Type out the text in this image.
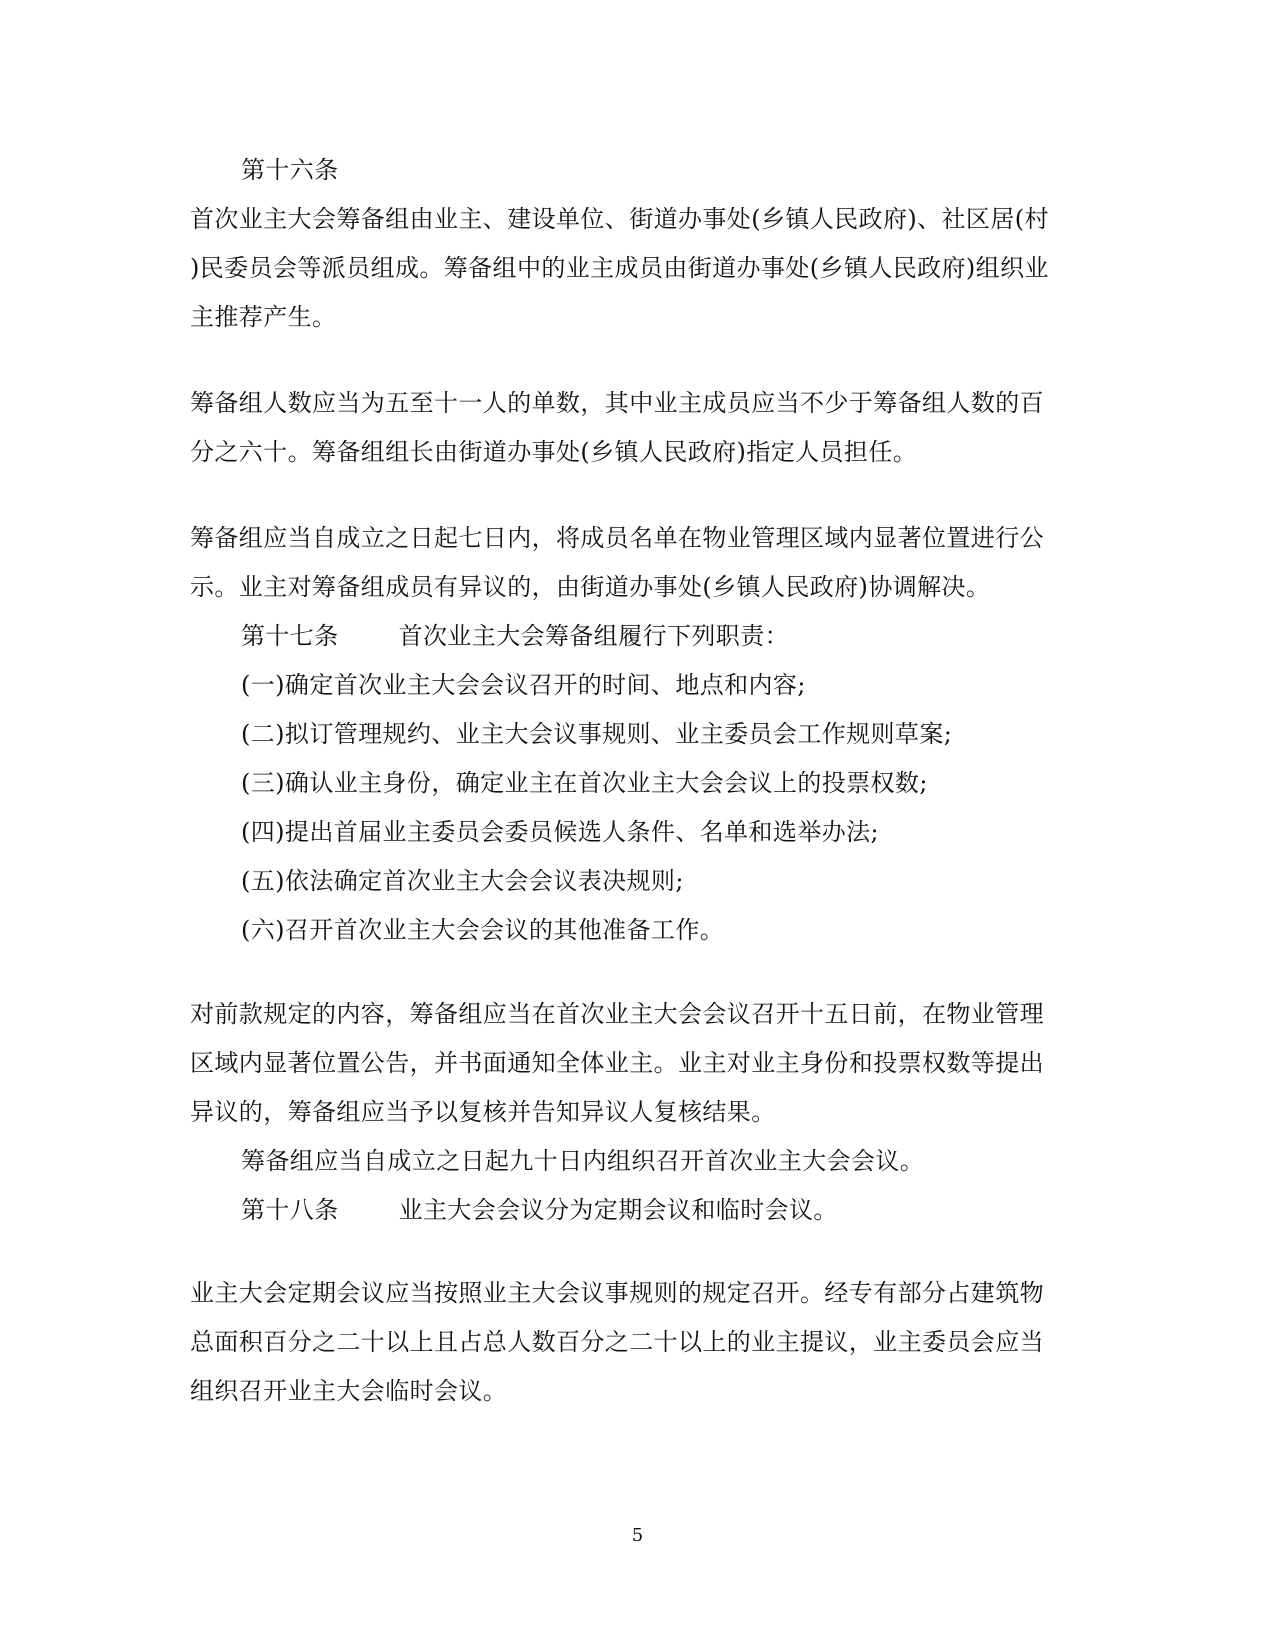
第十六条
首次业主大会筹备组由业主、建设单位、街道办事处(乡镇人民政府)、社区居(村
)民委员会等派员组成。筹备组中的业主成员由街道办事处(乡镇人民政府)组织业
主推荐产生。
筹备组人数应当为五至十一人的单数，其中业主成员应当不少于筹备组人数的百
分之六十。筹备组组长由街道办事处(乡镇人民政府)指定人员担任。
筹备组应当自成立之日起七日内，将成员名单在物业管理区域内显著位置进行公
示。业主对筹备组成员有异议的，由街道办事处(乡镇人民政府)协调解决。
第十七条	首次业主大会筹备组履行下列职责：
(一)确定首次业主大会会议召开的时间、地点和内容;
(二)拟订管理规约、业主大会议事规则、业主委员会工作规则草案;
(三)确认业主身份，确定业主在首次业主大会会议上的投票权数;
(四)提出首届业主委员会委员候选人条件、名单和选举办法;
(五)依法确定首次业主大会会议表决规则;
(六)召开首次业主大会会议的其他准备工作。
对前款规定的内容，筹备组应当在首次业主大会会议召开十五日前，在物业管理
区域内显著位置公告，并书面通知全体业主。业主对业主身份和投票权数等提出
异议的，筹备组应当予以复核并告知异议人复核结果。
筹备组应当自成立之日起九十日内组织召开首次业主大会会议。
第十八条	业主大会会议分为定期会议和临时会议。
业主大会定期会议应当按照业主大会议事规则的规定召开。经专有部分占建筑物
总面积百分之二十以上且占总人数百分之二十以上的业主提议，业主委员会应当
组织召开业主大会临时会议。
5
